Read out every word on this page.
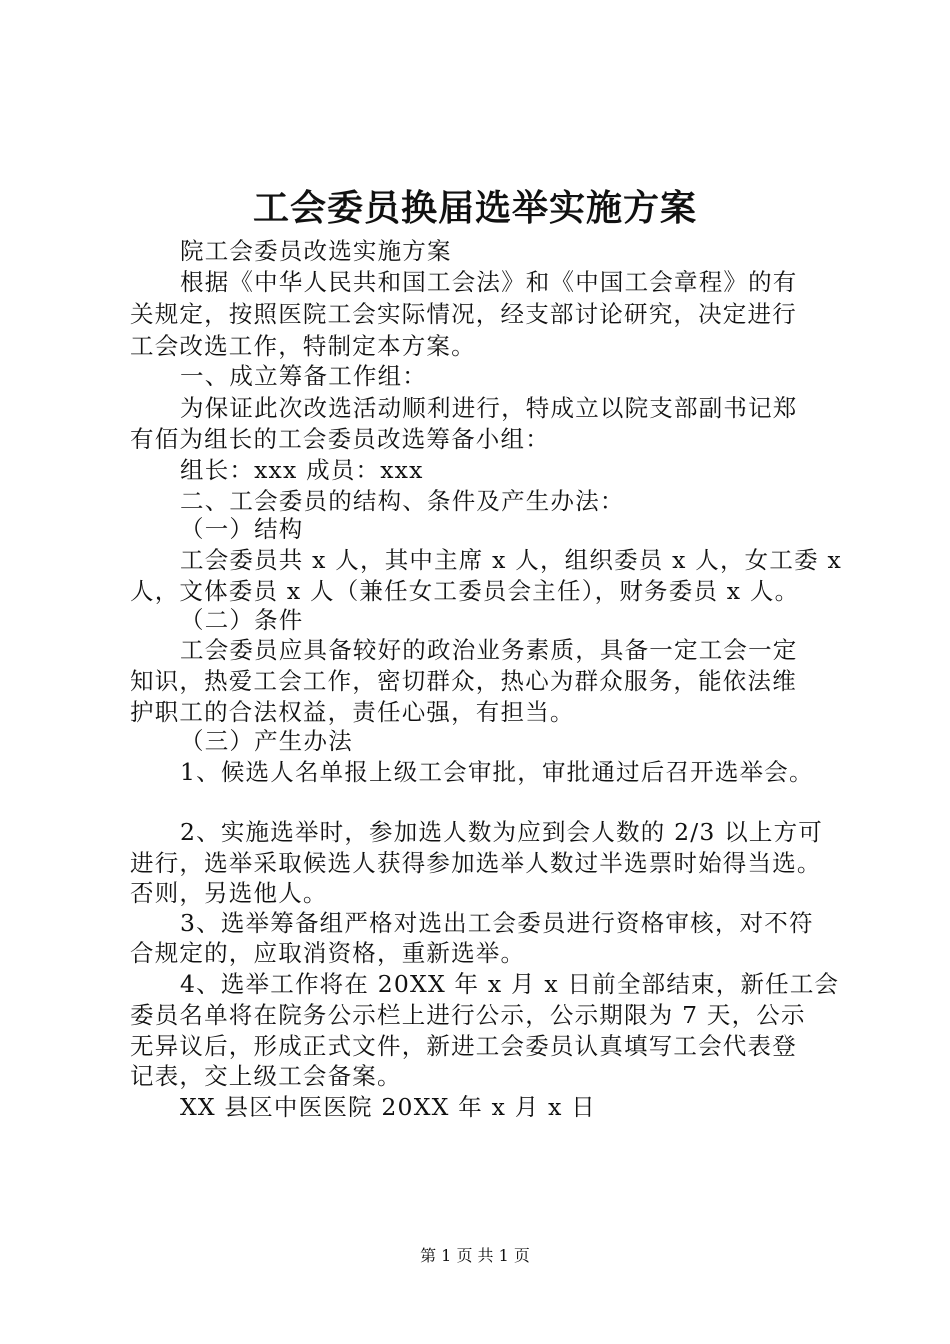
工会委员换届选举实施方案
院工会委员改选实施方案
根据《中华人民共和国工会法》和《中国工会章程》的有
关规定，按照医院工会实际情况，经支部讨论研究，决定进行
工会改选工作，特制定本方案。
一、成立筹备工作组：
为保证此次改选活动顺利进行，特成立以院支部副书记郑
有佰为组长的工会委员改选筹备小组：
组长：xxx 成员：xxx
二、工会委员的结构、条件及产生办法：
（一）结构
工会委员共 x 人，其中主席 x 人，组织委员 x 人，女工委 x
人，文体委员 x 人（兼任女工委员会主任），财务委员 x 人。
（二）条件
工会委员应具备较好的政治业务素质，具备一定工会一定
知识，热爱工会工作，密切群众，热心为群众服务，能依法维
护职工的合法权益，责任心强，有担当。
（三）产生办法
1、候选人名单报上级工会审批，审批通过后召开选举会。
2、实施选举时，参加选人数为应到会人数的 2/3 以上方可
进行，选举采取候选人获得参加选举人数过半选票时始得当选。
否则，另选他人。
3、选举筹备组严格对选出工会委员进行资格审核，对不符
合规定的，应取消资格，重新选举。
4、选举工作将在 20XX 年 x 月 x 日前全部结束，新任工会
委员名单将在院务公示栏上进行公示，公示期限为 7 天，公示
无异议后，形成正式文件，新进工会委员认真填写工会代表登
记表，交上级工会备案。
XX 县区中医医院 20XX 年 x 月 x 日
第 1 页 共 1 页
